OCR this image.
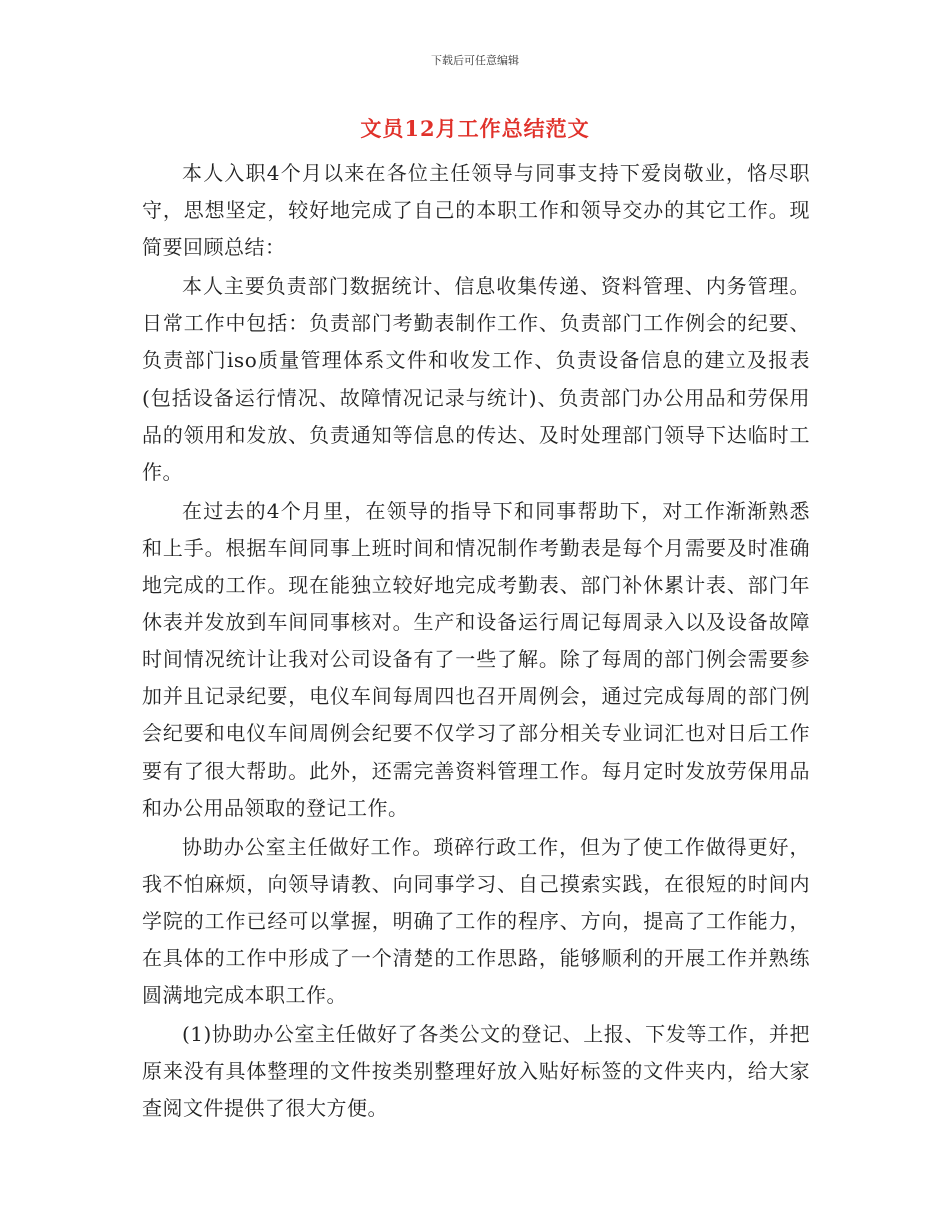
下载后可任意编辑
文员12月工作总结范文

本人入职4个月以来在各位主任领导与同事支持下爱岗敬业，恪尽职守，思想坚定，较好地完成了自己的本职工作和领导交办的其它工作。现简要回顾总结：

本人主要负责部门数据统计、信息收集传递、资料管理、内务管理。日常工作中包括：负责部门考勤表制作工作、负责部门工作例会的纪要、负责部门iso质量管理体系文件和收发工作、负责设备信息的建立及报表(包括设备运行情况、故障情况记录与统计)、负责部门办公用品和劳保用品的领用和发放、负责通知等信息的传达、及时处理部门领导下达临时工作。

在过去的4个月里，在领导的指导下和同事帮助下，对工作渐渐熟悉和上手。根据车间同事上班时间和情况制作考勤表是每个月需要及时准确地完成的工作。现在能独立较好地完成考勤表、部门补休累计表、部门年休表并发放到车间同事核对。生产和设备运行周记每周录入以及设备故障时间情况统计让我对公司设备有了一些了解。除了每周的部门例会需要参加并且记录纪要，电仪车间每周四也召开周例会，通过完成每周的部门例会纪要和电仪车间周例会纪要不仅学习了部分相关专业词汇也对日后工作要有了很大帮助。此外，还需完善资料管理工作。每月定时发放劳保用品和办公用品领取的登记工作。

协助办公室主任做好工作。琐碎行政工作，但为了使工作做得更好，我不怕麻烦，向领导请教、向同事学习、自己摸索实践，在很短的时间内学院的工作已经可以掌握，明确了工作的程序、方向，提高了工作能力，在具体的工作中形成了一个清楚的工作思路，能够顺利的开展工作并熟练圆满地完成本职工作。

(1)协助办公室主任做好了各类公文的登记、上报、下发等工作，并把原来没有具体整理的文件按类别整理好放入贴好标签的文件夹内，给大家查阅文件提供了很大方便。
